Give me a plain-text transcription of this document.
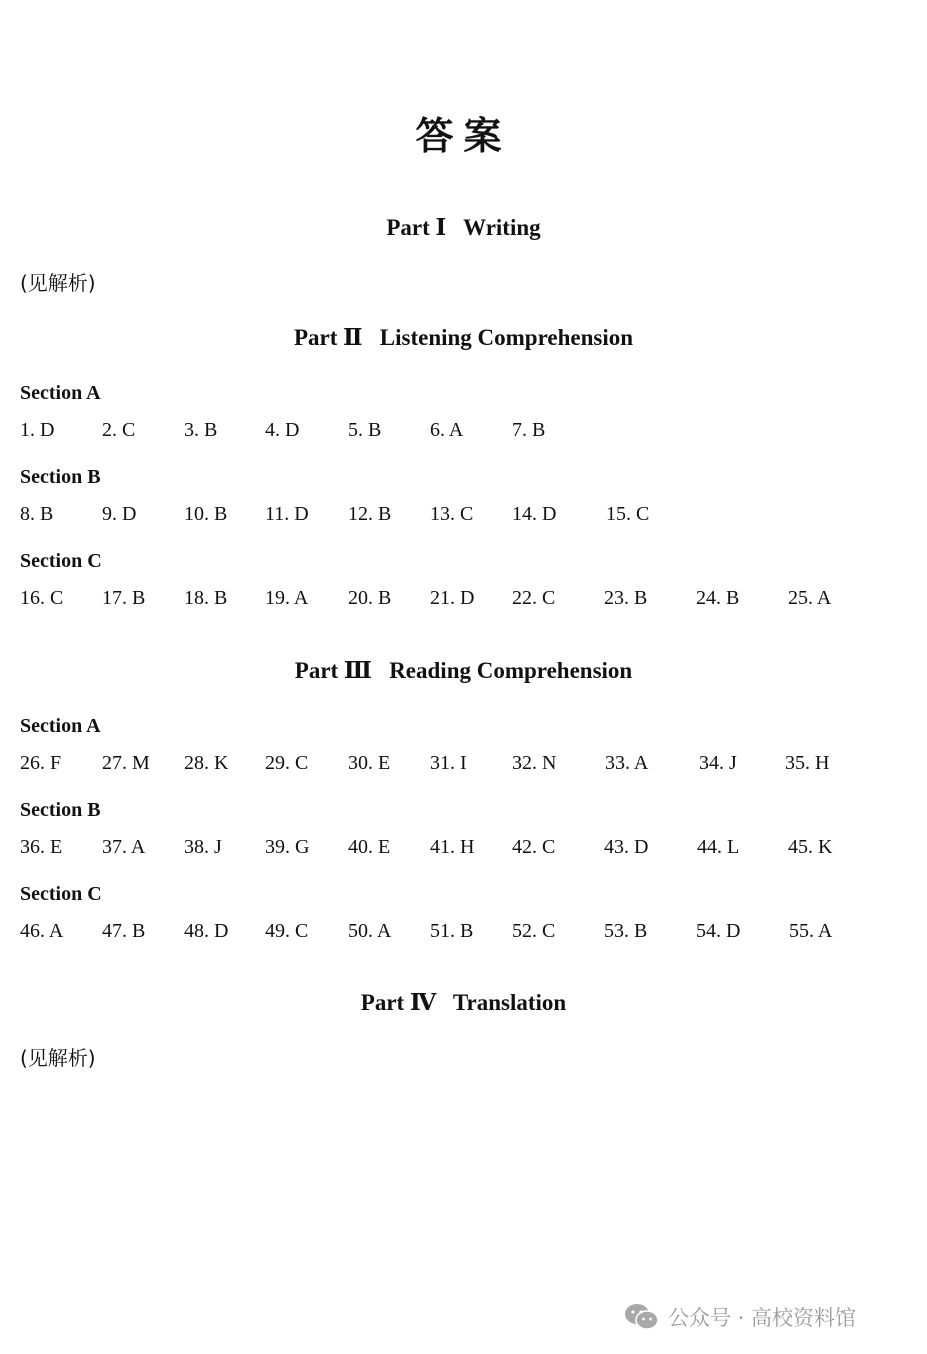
答案
Part Ⅰ   Writing
(见解析)
Part Ⅱ   Listening Comprehension
Section A
1. D 2. C 3. B 4. D 5. B 6. A 7. B
Section B
8. B 9. D 10. B 11. D 12. B 13. C 14. D 15. C
Section C
16. C 17. B 18. B 19. A 20. B 21. D 22. C 23. B 24. B 25. A
Part Ⅲ   Reading Comprehension
Section A
26. F 27. M 28. K 29. C 30. E 31. I 32. N 33. A	34. J 35. H
Section B
36. E 37. A 38. J 39. G 40. E 41. H 42. C 43. D 44. L 45. K
Section C
46. A 47. B 48. D 49. C 50. A 51. B 52. C 53. B 54. D 55. A
Part Ⅳ   Translation
(见解析)
公众号 · 高校资料馆
